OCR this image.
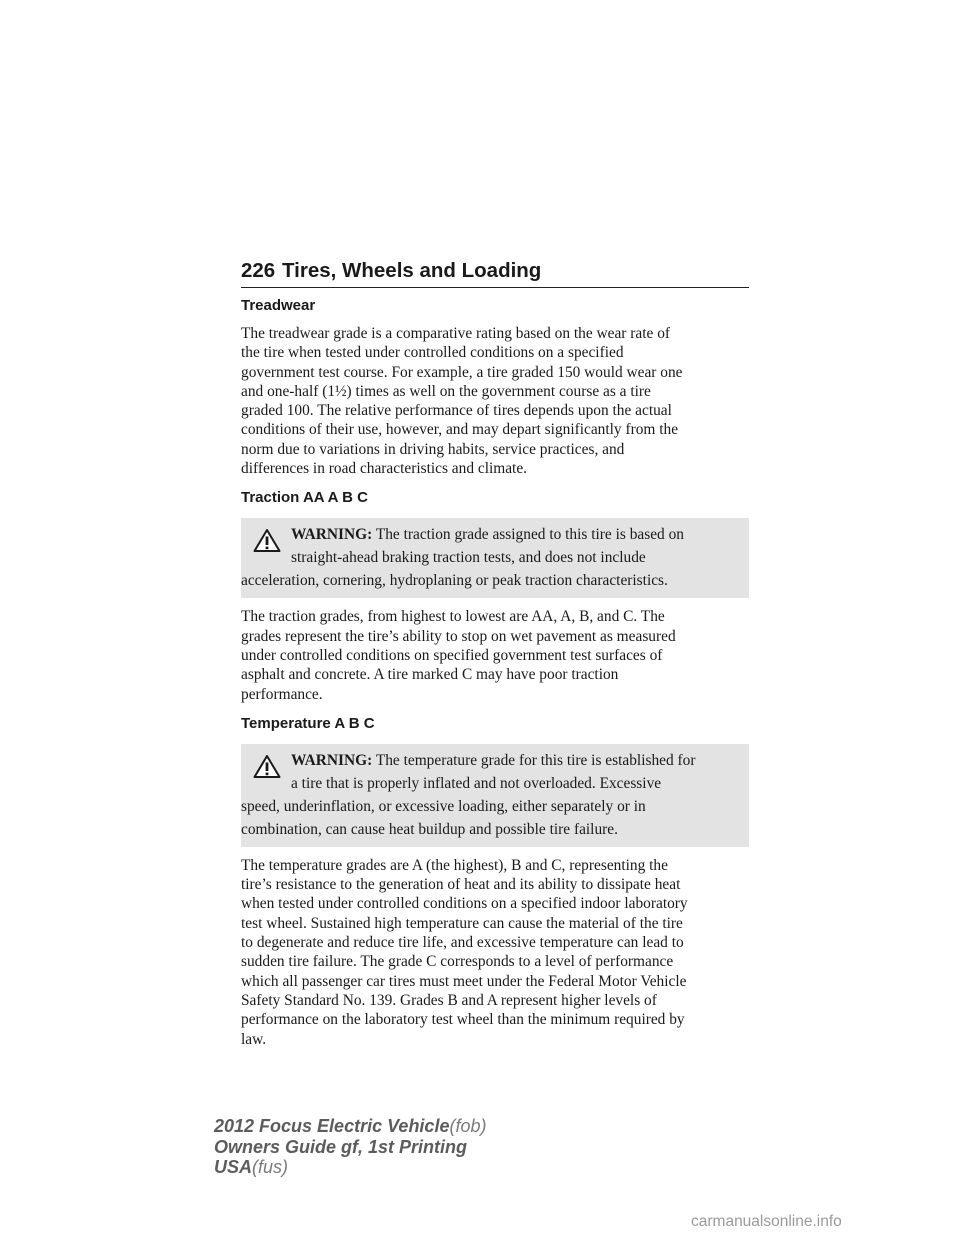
226 Tires, Wheels and Loading
Treadwear

The treadwear grade is a comparative rating based on the wear rate of
the tire when tested under controlled conditions on a specified
government test course. For example, a tire graded 150 would wear one
and one-half (1½) times as well on the government course as a tire
graded 100. The relative performance of tires depends upon the actual
conditions of their use, however, and may depart significantly from the
norm due to variations in driving habits, service practices, and
differences in road characteristics and climate.

Traction AA A B C
WARNING: The traction grade assigned to this tire is based on
straight-ahead braking traction tests, and does not include
acceleration, cornering, hydroplaning or peak traction characteristics.

The traction grades, from highest to lowest are AA, A, B, and C. The
grades represent the tire’s ability to stop on wet pavement as measured
under controlled conditions on specified government test surfaces of
asphalt and concrete. A tire marked C may have poor traction
performance.

Temperature A B C
WARNING: The temperature grade for this tire is established for
a tire that is properly inflated and not overloaded. Excessive
speed, underinflation, or excessive loading, either separately or in
combination, can cause heat buildup and possible tire failure.

The temperature grades are A (the highest), B and C, representing the
tire’s resistance to the generation of heat and its ability to dissipate heat
when tested under controlled conditions on a specified indoor laboratory
test wheel. Sustained high temperature can cause the material of the tire
to degenerate and reduce tire life, and excessive temperature can lead to
sudden tire failure. The grade C corresponds to a level of performance
which all passenger car tires must meet under the Federal Motor Vehicle
Safety Standard No. 139. Grades B and A represent higher levels of
performance on the laboratory test wheel than the minimum required by
law.

2012 Focus Electric Vehicle(fob)
Owners Guide gf, 1st Printing
USA(fus)
carmanualsonline.info
